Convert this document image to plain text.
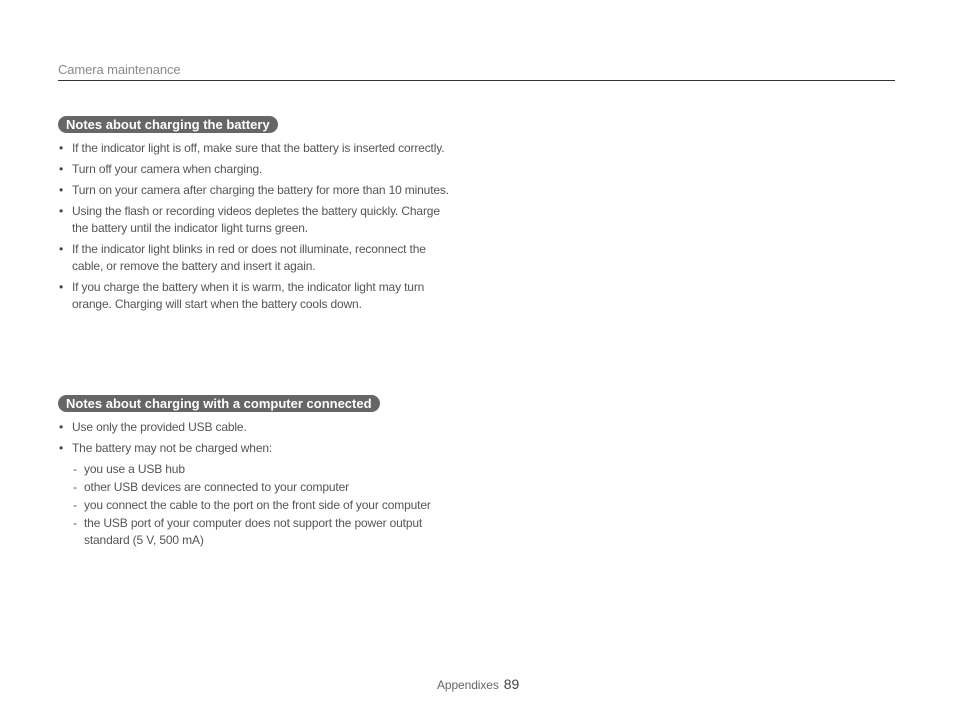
Camera maintenance
Notes about charging the battery
• If the indicator light is off, make sure that the battery is inserted correctly.
• Turn off your camera when charging.
• Turn on your camera after charging the battery for more than 10 minutes.
• Using the flash or recording videos depletes the battery quickly. Charge the battery until the indicator light turns green.
• If the indicator light blinks in red or does not illuminate, reconnect the cable, or remove the battery and insert it again.
• If you charge the battery when it is warm, the indicator light may turn orange. Charging will start when the battery cools down.
Notes about charging with a computer connected
• Use only the provided USB cable.
• The battery may not be charged when:
- you use a USB hub
- other USB devices are connected to your computer
- you connect the cable to the port on the front side of your computer
- the USB port of your computer does not support the power output standard (5 V, 500 mA)
Appendixes 89
